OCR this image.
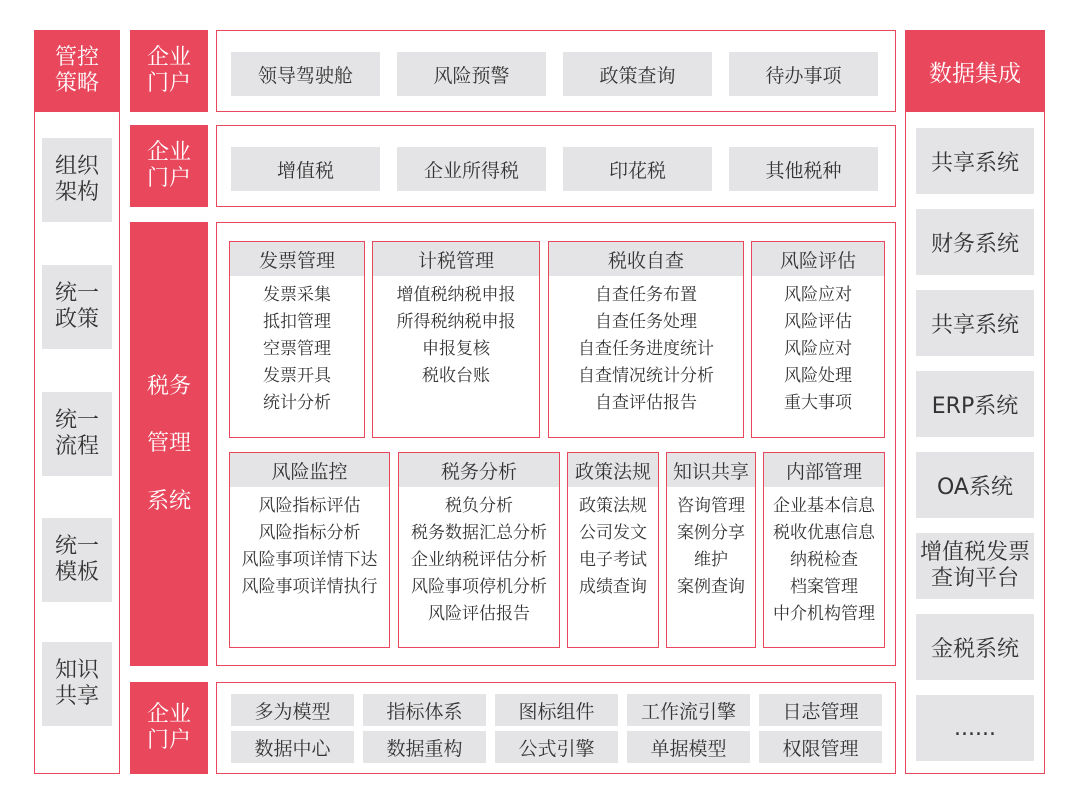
管控
策略
组织
架构
统一
政策
统一
流程
统一
模板
知识
共享
企业
门户	领导驾驶舱	风险预警	政策查询	待办事项
企业
门户	增值税	企业所得税	印花税	其他税种
税务
管理
系统
发票管理
发票采集
抵扣管理
空票管理
发票开具
统计分析
计税管理
增值税纳税申报
所得税纳税申报
申报复核
税收台账
税收自查
自查任务布置
自查任务处理
自查任务进度统计
自查情况统计分析
自查评估报告
风险评估
风险应对
风险评估
风险应对
风险处理
重大事项
风险监控
风险指标评估
风险指标分析
风险事项详情下达
风险事项详情执行
税务分析
税负分析
税务数据汇总分析
企业纳税评估分析
风险事项停机分析
风险评估报告
政策法规
政策法规
公司发文
电子考试
成绩查询
知识共享
咨询管理
案例分享
维护
案例查询
内部管理
企业基本信息
税收优惠信息
纳税检查
档案管理
中介机构管理
企业
门户
多为模型	指标体系	图标组件	工作流引擎	日志管理
数据中心	数据重构	公式引擎	单据模型	权限管理
数据集成
共享系统
财务系统
共享系统
ERP系统
OA系统
增值税发票
查询平台
金税系统
......
